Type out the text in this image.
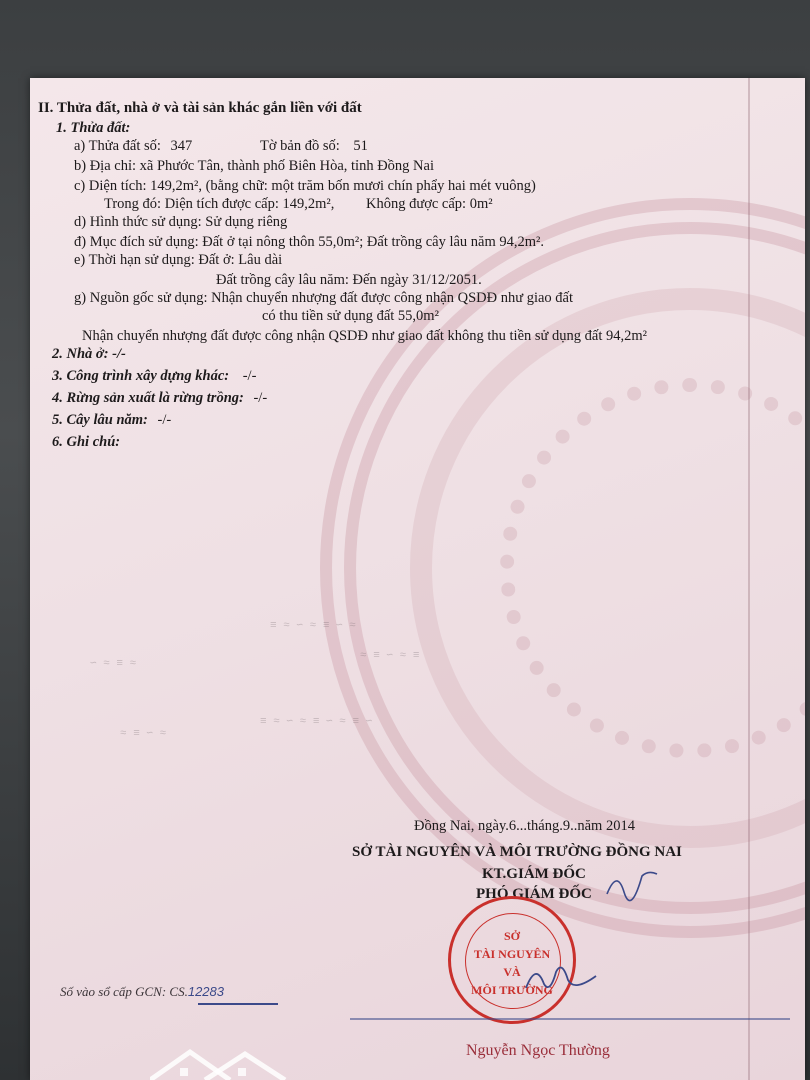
II. Thửa đất, nhà ở và tài sản khác gắn liền với đất
1. Thửa đất:
a) Thửa đất số: 347	Tờ bản đồ số: 51
b) Địa chỉ: xã Phước Tân, thành phố Biên Hòa, tỉnh Đồng Nai
c) Diện tích: 149,2m², (bằng chữ: một trăm bốn mươi chín phẩy hai mét vuông)
Trong đó: Diện tích được cấp: 149,2m², Không được cấp: 0m²
d) Hình thức sử dụng: Sử dụng riêng
đ) Mục đích sử dụng: Đất ở tại nông thôn 55,0m²; Đất trồng cây lâu năm 94,2m².
e) Thời hạn sử dụng: Đất ở: Lâu dài
Đất trồng cây lâu năm: Đến ngày 31/12/2051.
g) Nguồn gốc sử dụng: Nhận chuyển nhượng đất được công nhận QSDĐ như giao đất
có thu tiền sử dụng đất 55,0m²
Nhận chuyển nhượng đất được công nhận QSDĐ như giao đất không thu tiền sử dụng đất 94,2m²
2. Nhà ở: -/-
3. Công trình xây dựng khác: -/-
4. Rừng sản xuất là rừng trồng: -/-
5. Cây lâu năm: -/-
6. Ghi chú:
≡ ≈ ∽ ≈ ≡ ∽ ≈
∽ ≈ ≡ ≈
≈ ≡ ∽ ≈ ≡
≡ ≈ ∽ ≈ ≡ ∽ ≈ ≡ ∽
≈ ≡ ∽ ≈
Đồng Nai, ngày.6...tháng.9..năm 2014
SỞ TÀI NGUYÊN VÀ MÔI TRƯỜNG ĐỒNG NAI
KT.GIÁM ĐỐC
PHÓ GIÁM ĐỐC
SỞ
TÀI NGUYÊN
VÀ
MÔI TRƯỜNG
Số vào sổ cấp GCN: CS.12283
Nguyễn Ngọc Thường
